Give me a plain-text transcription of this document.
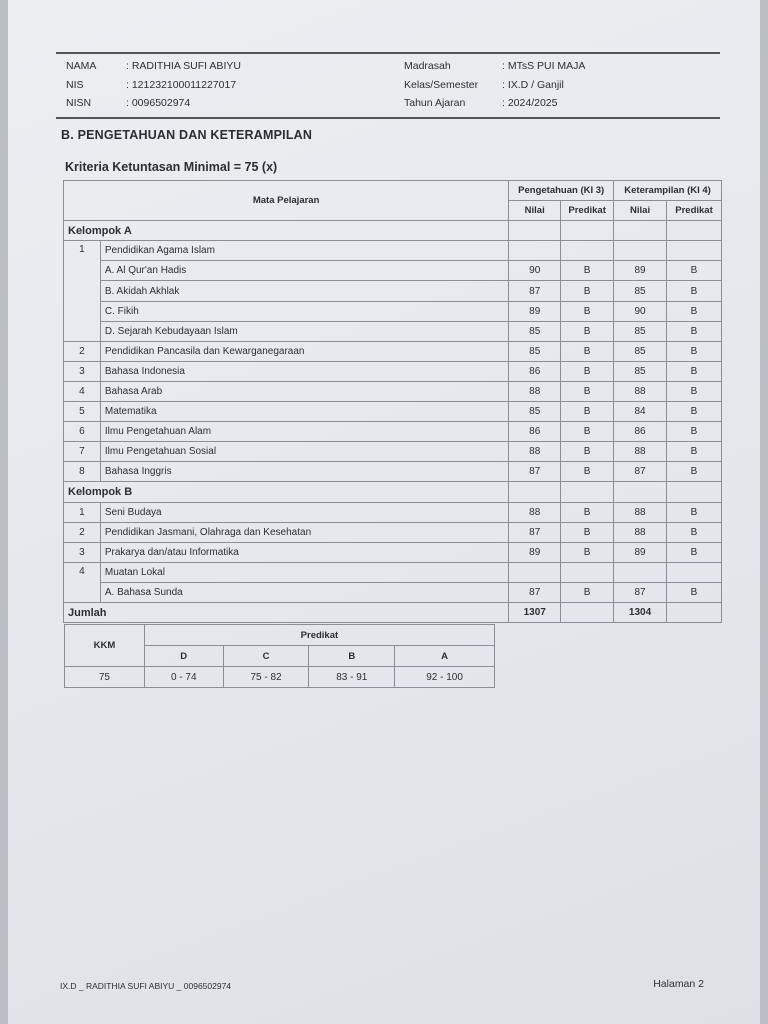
NAMA	: RADITHIA SUFI ABIYU	Madrasah	: MTsS PUI MAJA
NIS	: 121232100011227017	Kelas/Semester	: IX.D / Ganjil
NISN	: 0096502974	Tahun Ajaran	: 2024/2025
B. PENGETAHUAN DAN KETERAMPILAN
Kriteria Ketuntasan Minimal = 75 (x)
Mata Pelajaran		Pengetahuan (KI 3)		Keterampilan (KI 4)	
		Nilai	Predikat	Nilai	Predikat
Kelompok A					
1	Pendidikan Agama Islam				
	A. Al Qur'an Hadis	90	B	89	B
	B. Akidah Akhlak	87	B	85	B
	C. Fikih	89	B	90	B
	D. Sejarah Kebudayaan Islam	85	B	85	B
2	Pendidikan Pancasila dan Kewarganegaraan	85	B	85	B
3	Bahasa Indonesia	86	B	85	B
4	Bahasa Arab	88	B	88	B
5	Matematika	85	B	84	B
6	Ilmu Pengetahuan Alam	86	B	86	B
7	Ilmu Pengetahuan Sosial	88	B	88	B
8	Bahasa Inggris	87	B	87	B
Kelompok B					
1	Seni Budaya	88	B	88	B
2	Pendidikan Jasmani, Olahraga dan Kesehatan	87	B	88	B
3	Prakarya dan/atau Informatika	89	B	89	B
4	Muatan Lokal				
	A. Bahasa Sunda	87	B	87	B
Jumlah		1307		1304	
KKM	Predikat			
	D	C	B	A
75	0 - 74	75 - 82	83 - 91	92 - 100
IX.D _ RADITHIA SUFI ABIYU _ 0096502974	Halaman 2
